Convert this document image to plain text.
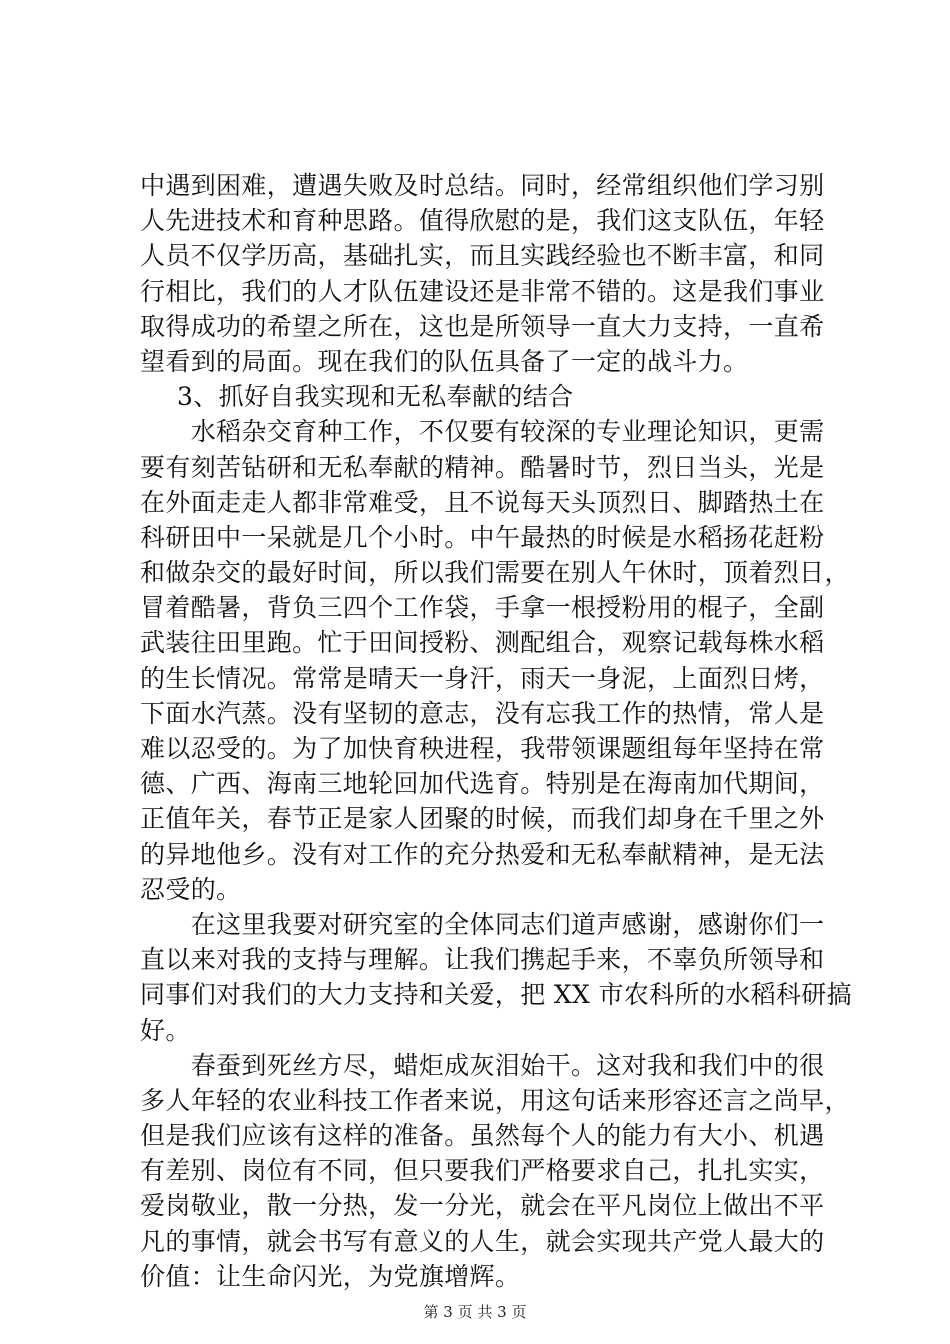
中遇到困难，遭遇失败及时总结。同时，经常组织他们学习别
人先进技术和育种思路。值得欣慰的是，我们这支队伍，年轻
人员不仅学历高，基础扎实，而且实践经验也不断丰富，和同
行相比，我们的人才队伍建设还是非常不错的。这是我们事业
取得成功的希望之所在，这也是所领导一直大力支持，一直希
望看到的局面。现在我们的队伍具备了一定的战斗力。
3、抓好自我实现和无私奉献的结合
　　水稻杂交育种工作，不仅要有较深的专业理论知识，更需
要有刻苦钻研和无私奉献的精神。酷暑时节，烈日当头，光是
在外面走走人都非常难受，且不说每天头顶烈日、脚踏热土在
科研田中一呆就是几个小时。中午最热的时候是水稻扬花赶粉
和做杂交的最好时间，所以我们需要在别人午休时，顶着烈日，
冒着酷暑，背负三四个工作袋，手拿一根授粉用的棍子，全副
武装往田里跑。忙于田间授粉、测配组合，观察记载每株水稻
的生长情况。常常是晴天一身汗，雨天一身泥，上面烈日烤，
下面水汽蒸。没有坚韧的意志，没有忘我工作的热情，常人是
难以忍受的。为了加快育秧进程，我带领课题组每年坚持在常
德、广西、海南三地轮回加代选育。特别是在海南加代期间，
正值年关，春节正是家人团聚的时候，而我们却身在千里之外
的异地他乡。没有对工作的充分热爱和无私奉献精神，是无法
忍受的。
　　在这里我要对研究室的全体同志们道声感谢，感谢你们一
直以来对我的支持与理解。让我们携起手来，不辜负所领导和
同事们对我们的大力支持和关爱，把 XX 市农科所的水稻科研搞
好。
　　春蚕到死丝方尽，蜡炬成灰泪始干。这对我和我们中的很
多人年轻的农业科技工作者来说，用这句话来形容还言之尚早，
但是我们应该有这样的准备。虽然每个人的能力有大小、机遇
有差别、岗位有不同，但只要我们严格要求自己，扎扎实实，
爱岗敬业，散一分热，发一分光，就会在平凡岗位上做出不平
凡的事情，就会书写有意义的人生，就会实现共产党人最大的
价值：让生命闪光，为党旗增辉。
第 3 页 共 3 页
